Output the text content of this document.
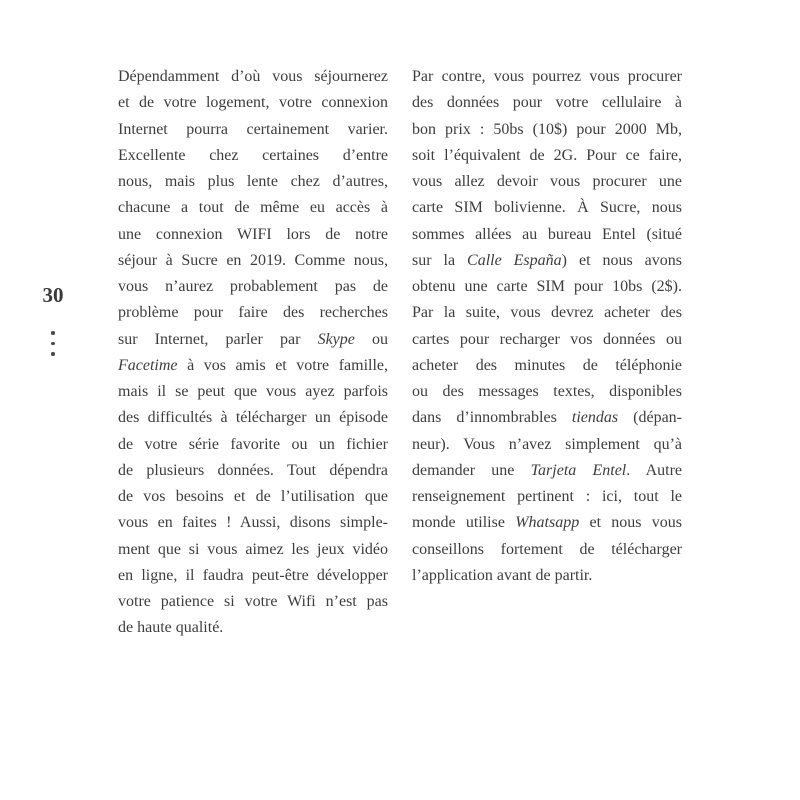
30
Dépendamment d’où vous séjournerez
et de votre logement, votre connexion
Internet pourra certainement varier.
Excellente chez certaines d’entre
nous, mais plus lente chez d’autres,
chacune a tout de même eu accès à
une connexion WIFI lors de notre
séjour à Sucre en 2019. Comme nous,
vous n’aurez probablement pas de
problème pour faire des recherches
sur Internet, parler par Skype ou
Facetime à vos amis et votre famille,
mais il se peut que vous ayez parfois
des difficultés à télécharger un épisode
de votre série favorite ou un fichier
de plusieurs données. Tout dépendra
de vos besoins et de l’utilisation que
vous en faites ! Aussi, disons simple-
ment que si vous aimez les jeux vidéo
en ligne, il faudra peut-être développer
votre patience si votre Wifi n’est pas
de haute qualité.
Par contre, vous pourrez vous procurer
des données pour votre cellulaire à
bon prix : 50bs (10$) pour 2000 Mb,
soit l’équivalent de 2G. Pour ce faire,
vous allez devoir vous procurer une
carte SIM bolivienne. À Sucre, nous
sommes allées au bureau Entel (situé
sur la Calle España) et nous avons
obtenu une carte SIM pour 10bs (2$).
Par la suite, vous devrez acheter des
cartes pour recharger vos données ou
acheter des minutes de téléphonie
ou des messages textes, disponibles
dans d’innombrables tiendas (dépan-
neur). Vous n’avez simplement qu’à
demander une Tarjeta Entel. Autre
renseignement pertinent : ici, tout le
monde utilise Whatsapp et nous vous
conseillons fortement de télécharger
l’application avant de partir.
